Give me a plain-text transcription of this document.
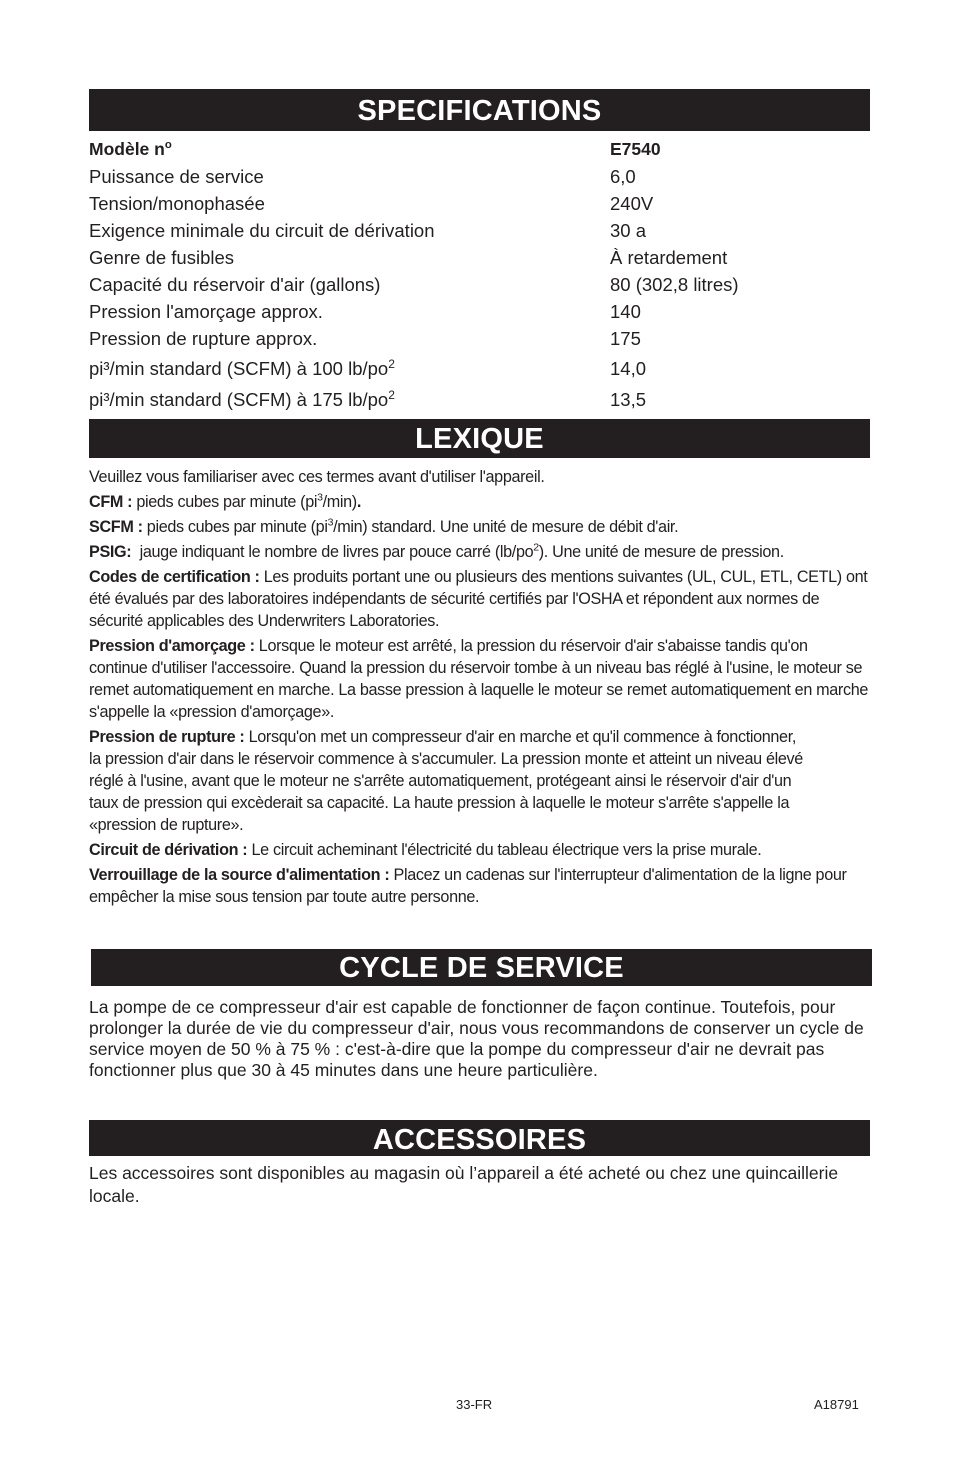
SPECIFICATIONS
Modèle $n^o$	E7540
Puissance de service	6,0
Tension/monophasée	240V
Exigence minimale du circuit de dérivation	30 a
Genre de fusibles	À retardement
Capacité du réservoir d'air (gallons)	80 (302,8 litres)
Pression l'amorçage approx.	140
Pression de rupture approx.	175
pi³/min standard (SCFM) à 100 $lb/po^2$	14,0
pi³/min standard (SCFM) à 175 $lb/po^2$	13,5
LEXIQUE

Veuillez vous familiariser avec ces termes avant d'utiliser l'appareil.

CFM : pieds cubes par minute $(pi^3/\min)$.

SCFM : pieds cubes par minute $(pi^3/\min)$ standard. Une unité de mesure de débit d'air.

PSIG:  jauge indiquant le nombre de livres par pouce carré $(lb/po^2)$. Une unité de mesure de pression.

Codes de certification : Les produits portant une ou plusieurs des mentions suivantes (UL, CUL, ETL, CETL) ont été évalués par des laboratoires indépendants de sécurité certifiés par l'OSHA et répondent aux normes de sécurité applicables des Underwriters Laboratories.

Pression d'amorçage : Lorsque le moteur est arrêté, la pression du réservoir d'air s'abaisse tandis qu'on continue d'utiliser l'accessoire. Quand la pression du réservoir tombe à un niveau bas réglé à l'usine, le moteur se remet automatiquement en marche. La basse pression à laquelle le moteur se remet automatiquement en marche s'appelle la «pression d'amorçage».

Pression de rupture : Lorsqu'on met un compresseur d'air en marche et qu'il commence à fonctionner, la pression d'air dans le réservoir commence à s'accumuler. La pression monte et atteint un niveau élevé réglé à l'usine, avant que le moteur ne s'arrête automatiquement, protégeant ainsi le réservoir d'air d'un taux de pression qui excèderait sa capacité. La haute pression à laquelle le moteur s'arrête s'appelle la «pression de rupture».

Circuit de dérivation : Le circuit acheminant l'électricité du tableau électrique vers la prise murale.

Verrouillage de la source d'alimentation : Placez un cadenas sur l'interrupteur d'alimentation de la ligne pour empêcher la mise sous tension par toute autre personne.

CYCLE DE SERVICE

La pompe de ce compresseur d'air est capable de fonctionner de façon continue. Toutefois, pour prolonger la durée de vie du compresseur d'air, nous vous recommandons de conserver un cycle de service moyen de 50 % à 75 % : c'est-à-dire que la pompe du compresseur d'air ne devrait pas fonctionner plus que 30 à 45 minutes dans une heure particulière.

ACCESSOIRES

Les accessoires sont disponibles au magasin où l’appareil a été acheté ou chez une quincaillerie locale.

33-FR	A18791
